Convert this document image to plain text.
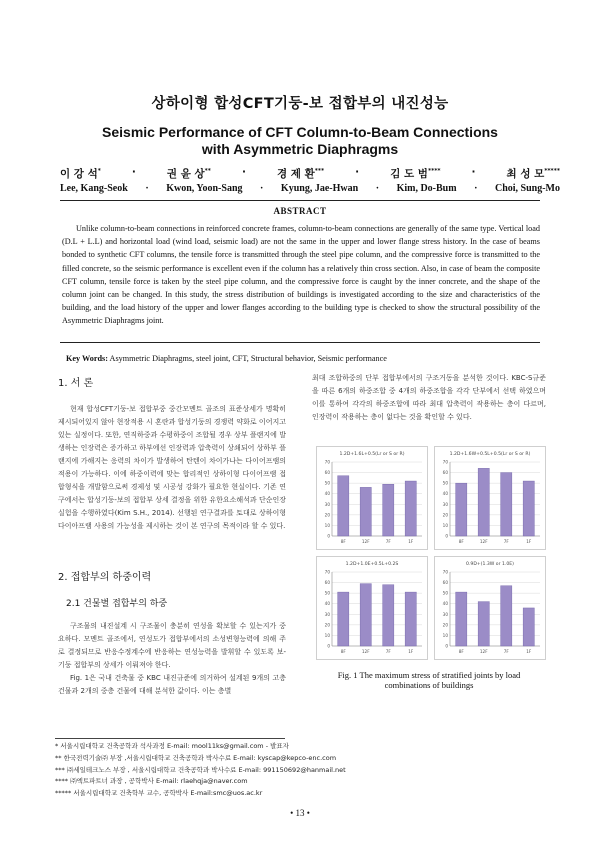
상하이형 합성CFT기둥-보 접합부의 내진성능
Seismic Performance of CFT Column-to-Beam Connections
with Asymmetric Diaphragms
이 강 석*	·	권 윤 상**	·	경 제 환***	·	김 도 범****	·	최 성 모*****
Lee, Kang-Seok · Kwon, Yoon-Sang · Kyung, Jae-Hwan · Kim, Do-Bum · Choi, Sung-Mo
ABSTRACT
Unlike column-to-beam connections in reinforced concrete frames, column-to-beam connections are generally of the same type. Vertical load (D.L + L.L) and horizontal load (wind load, seismic load) are not the same in the upper and lower flange stress history. In the case of beams bonded to synthetic CFT columns, the tensile force is transmitted through the steel pipe column, and the compressive force is transmitted to the filled concrete, so the seismic performance is excellent even if the column has a relatively thin cross section. Also, in case of beam the composite CFT column, tensile force is taken by the steel pipe column, and the compressive force is caught by the inner concrete, and the shape of the column joint can be changed. In this study, the stress distribution of buildings is investigated according to the size and characteristics of the building, and the load history of the upper and lower flanges according to the building type is checked to show the structural possibility of the Asymmetric Diaphragms joint.
Key Words: Asymmetric Diaphragms, steel joint, CFT, Structural behavior, Seismic performance
1. 서 론
현재 합성CFT기둥-보 접합부중 중간모멘트 골조의 표준상세가 명확히 제시되어있지 않아 현장적용 시 혼란과 합성기둥의 경쟁력 약화로 이어지고 있는 실정이다. 또한, 연직하중과 수평하중이 조합될 경우 상부 플랜지에 발생하는 인장력은 증가하고 하부에선 인장력과 압축력이 상쇄되어 상하부 플랜지에 가해지는 응력의 차이가 발생하여 탄텐이 차이가나는 다이어프램의 적용이 가능하다. 이에 하중이력에 맞는 합리적인 상하이형 다이어프램 접합형식을 개발함으로써 경제성 및 시공성 강화가 필요한 현실이다. 기존 연구에서는 합성기둥-보의 접합부 상세 결정을 위한 유한요소해석과 단순인장 실험을 수행하였다(Kim S.H., 2014). 선행된 연구결과를 토대로 상하이형 다이아프램 사용의 가능성을 제시하는 것이 본 연구의 목적이라 할 수 있다.
2. 접합부의 하중이력
2.1 건물별 접합부의 하중
구조물의 내진설계 시 구조물이 충분히 연성을 확보할 수 있는지가 중요하다. 모멘트 골조에서, 연성도가 접합부에서의 소성변형능력에 의해 주로 결정되므로 반응수정계수에 반응하는 연성능력을 발휘할 수 있도록 보-기둥 접합부의 상세가 이뤄져야 한다.
Fig. 1은 국내 건축물 중 KBC 내진규준에 의거하여 설계된 9개의 고층건물과 2개의 중층 건물에 대해 분석한 값이다. 이는 층별
최대 조합하중의 단부 접합부에서의 구조거동을 분석한 것이다. KBC-S규준을 따른 6개의 하중조합 중 4개의 하중조합을 각각 단부에서 선택 하였으며 이를 통하여 각각의 하중조합에 따라 최대 압축력이 작용하는 층이 다르며, 인장력이 작용하는 층이 없다는 것을 확인할 수 있다.
1.2D+1.6L+0.5(Lr or S or R)
0
10
20
30
40
50
60
70
8F	12F	7F	1F
1.2D+1.6W+0.5L+0.5(Lr or S or R)
0
10
20
30
40
50
60
70
8F	12F	7F	1F
1.2D+1.0E+0.5L+0.2S
0
10
20
30
40
50
60
70
8F	12F	7F	1F
0.9D+(1.3W or 1.0E)
0
10
20
30
40
50
60
70
8F	12F	7F	1F
Fig. 1 The maximum stress of stratified joints by load
combinations of buildings
* 서울시립대학교 건축공학과 석사과정 E-mail: mool11ks@gmail.com - 발표자
** 한국전력기술㈜ 부장 ,서울시립대학교 건축공학과 박사수료 E-mail: kyscap@kepco-enc.com
*** ㈜세일테크노스 부장 , 서울시립대학교 건축공학과 박사수료 E-mail: 991150692@hanmail.net
**** ㈜엑트파트너 과장 , 공학박사 E-mail: rlaehqja@naver.com
***** 서울시립대학교 건축학부 교수, 공학박사 E-mail:smc@uos.ac.kr
• 13 •
